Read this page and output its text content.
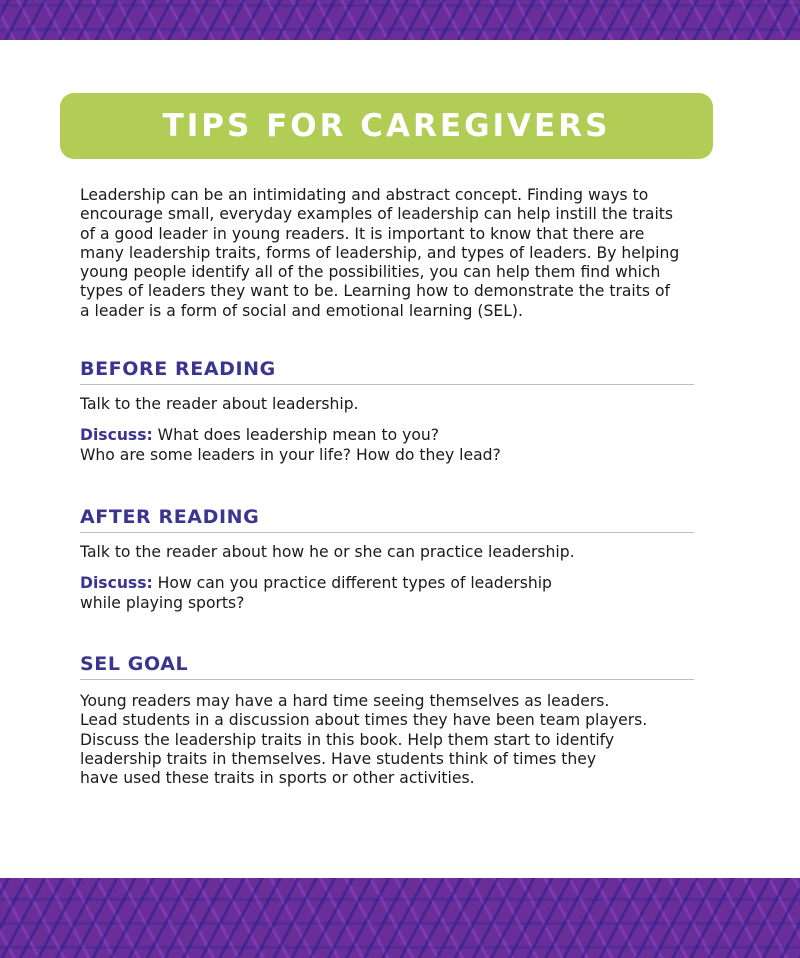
TIPS FOR CAREGIVERS

Leadership can be an intimidating and abstract concept. Finding ways to encourage small, everyday examples of leadership can help instill the traits of a good leader in young readers. It is important to know that there are many leadership traits, forms of leadership, and types of leaders. By helping young people identify all of the possibilities, you can help them find which types of leaders they want to be. Learning how to demonstrate the traits of a leader is a form of social and emotional learning (SEL).

BEFORE READING

Talk to the reader about leadership.

Discuss: What does leadership mean to you?

Who are some leaders in your life? How do they lead?

AFTER READING

Talk to the reader about how he or she can practice leadership.

Discuss: How can you practice different types of leadership

while playing sports?

SEL GOAL

Young readers may have a hard time seeing themselves as leaders.

Lead students in a discussion about times they have been team players.

Discuss the leadership traits in this book. Help them start to identify

leadership traits in themselves. Have students think of times they

have used these traits in sports or other activities.
